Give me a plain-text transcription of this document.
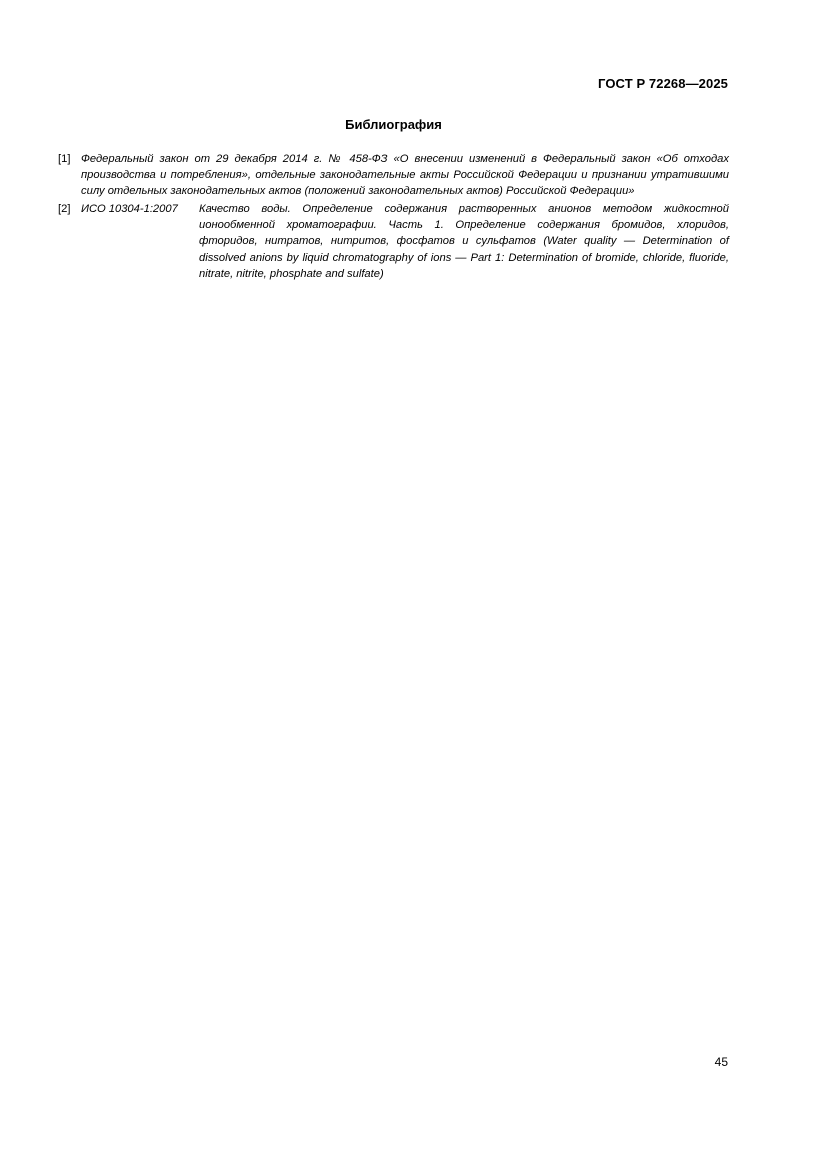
ГОСТ Р 72268—2025
Библиография
[1] Федеральный закон от 29 декабря 2014 г. № 458-ФЗ «О внесении изменений в Федеральный закон «Об отходах производства и потребления», отдельные законодательные акты Российской Федерации и признании утратившими силу отдельных законодательных актов (положений законодательных актов) Российской Федерации»
[2] ИСО 10304-1:2007 Качество воды. Определение содержания растворенных анионов методом жидкостной ионообменной хроматографии. Часть 1. Определение содержания бромидов, хлоридов, фторидов, нитратов, нитритов, фосфатов и сульфатов (Water quality — Determination of dissolved anions by liquid chromatography of ions — Part 1: Determination of bromide, chloride, fluoride, nitrate, nitrite, phosphate and sulfate)
45
